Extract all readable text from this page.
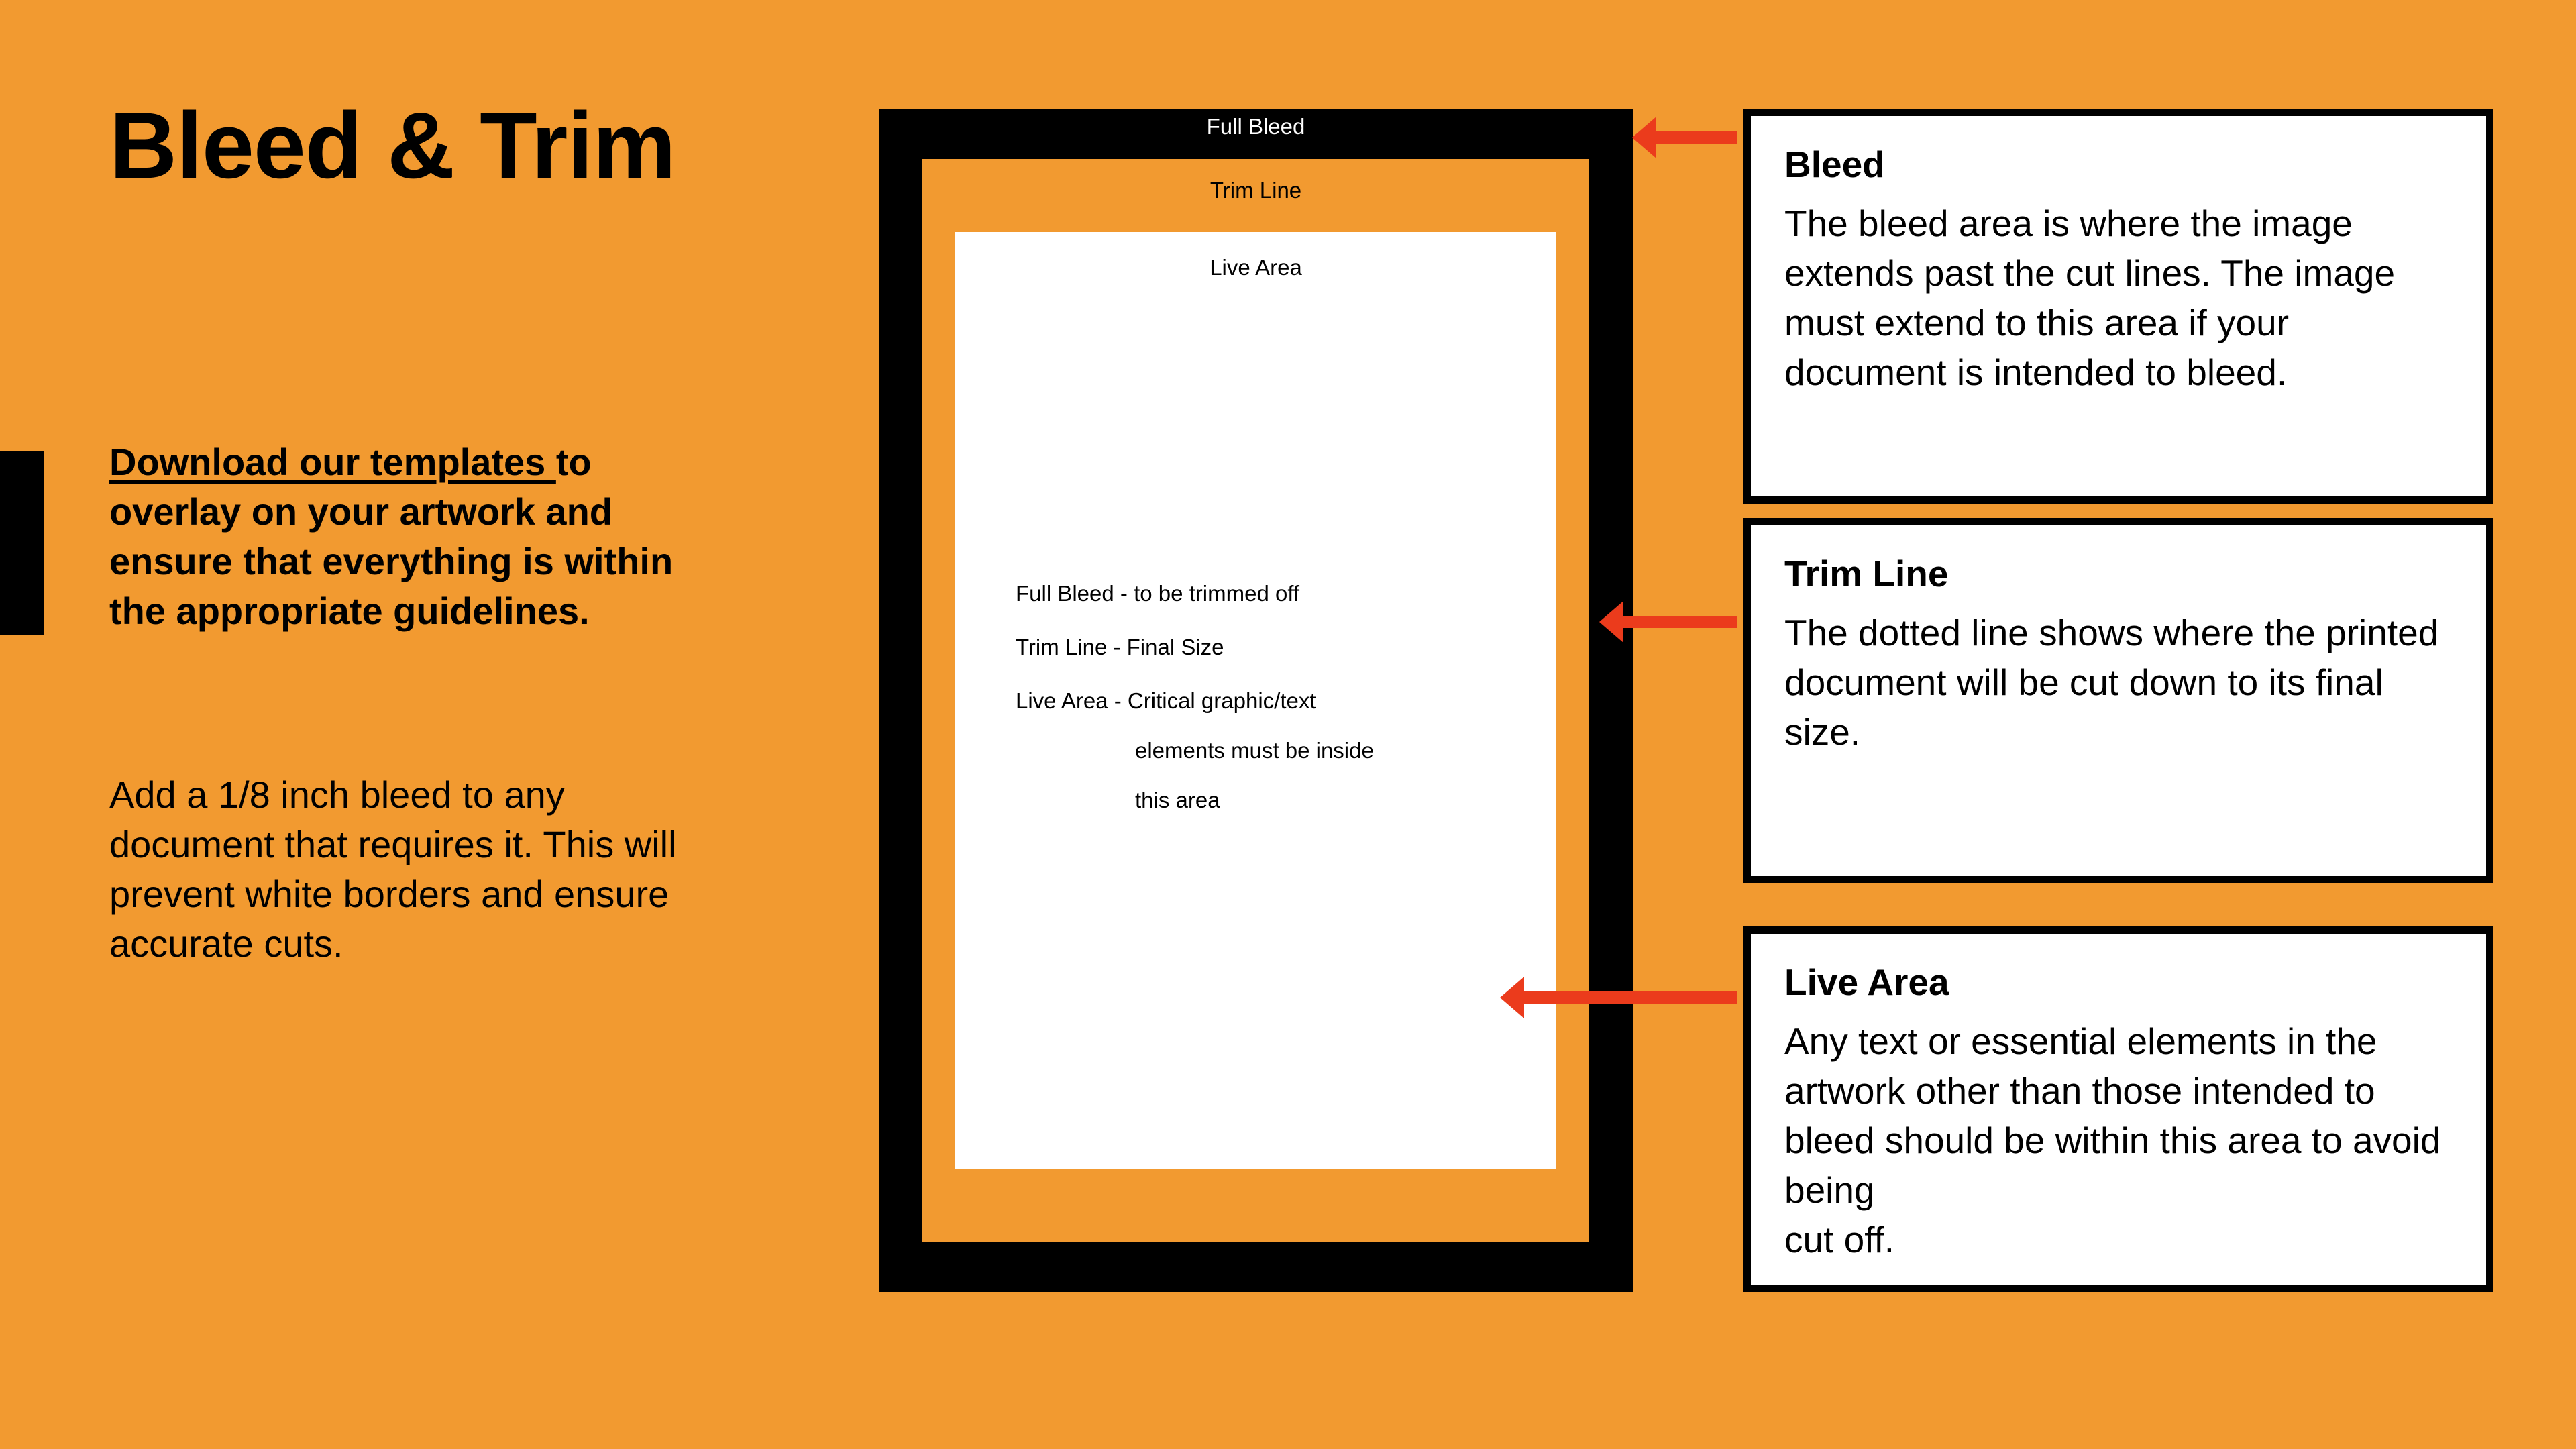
Bleed & Trim

Download our templates to overlay on your artwork and ensure that everything is within the appropriate guidelines.

Add a 1/8 inch bleed to any document that requires it. This will prevent white borders and ensure accurate cuts.

Full Bleed
Trim Line
Live Area
Full Bleed - to be trimmed off
Trim Line - Final Size
Live Area - Critical graphic/text
elements must be inside
this area
Bleed

The bleed area is where the image extends past the cut lines. The image must extend to this area if your document is intended to bleed.

Trim Line

The dotted line shows where the printed document will be cut down to its final size.

Live Area

Any text or essential elements in the artwork other than those intended to bleed should be within this area to avoid being

cut off.
